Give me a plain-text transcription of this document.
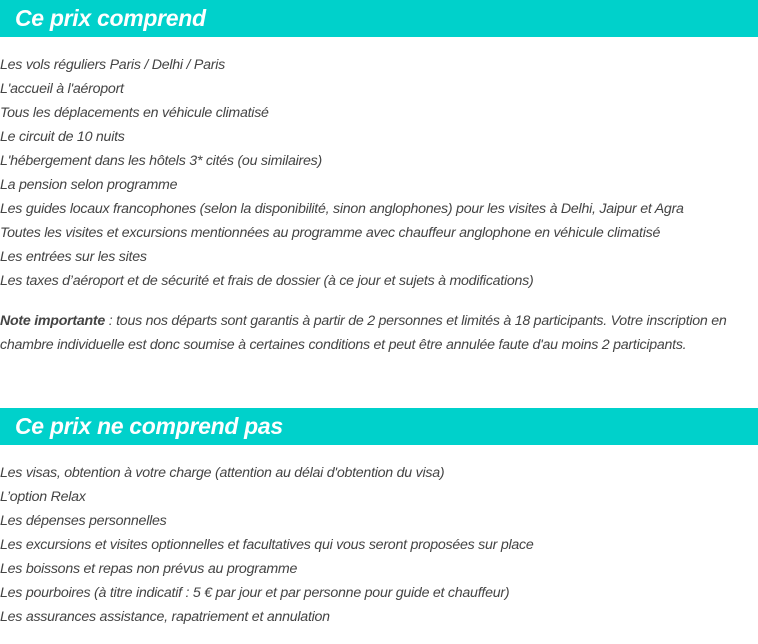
Ce prix comprend
Les vols réguliers Paris / Delhi / Paris
L'accueil à l'aéroport
Tous les déplacements en véhicule climatisé
Le circuit de 10 nuits
L'hébergement dans les hôtels 3* cités (ou similaires)
La pension selon programme
Les guides locaux francophones (selon la disponibilité, sinon anglophones) pour les visites à Delhi, Jaipur et Agra
Toutes les visites et excursions mentionnées au programme avec chauffeur anglophone en véhicule climatisé
Les entrées sur les sites
Les taxes d’aéroport et de sécurité et frais de dossier (à ce jour et sujets à modifications)

Note importante : tous nos départs sont garantis à partir de 2 personnes et limités à 18 participants. Votre inscription en chambre individuelle est donc soumise à certaines conditions et peut être annulée faute d'au moins 2 participants.

Ce prix ne comprend pas
Les visas, obtention à votre charge (attention au délai d'obtention du visa)
L’option Relax
Les dépenses personnelles
Les excursions et visites optionnelles et facultatives qui vous seront proposées sur place
Les boissons et repas non prévus au programme
Les pourboires (à titre indicatif : 5 € par jour et par personne pour guide et chauffeur)
Les assurances assistance, rapatriement et annulation
